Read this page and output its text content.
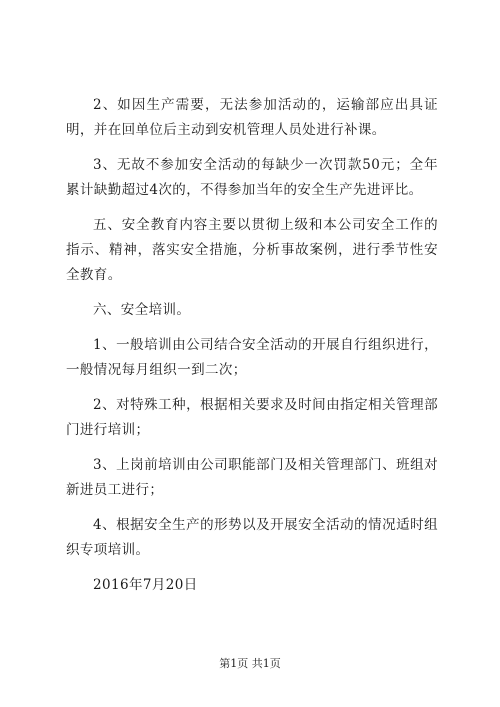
2、如因生产需要，无法参加活动的，运输部应出具证明，并在回单位后主动到安机管理人员处进行补课。

3、无故不参加安全活动的每缺少一次罚款50元；全年累计缺勤超过4次的，不得参加当年的安全生产先进评比。

五、安全教育内容主要以贯彻上级和本公司安全工作的指示、精神，落实安全措施，分析事故案例，进行季节性安全教育。

六、安全培训。

1、一般培训由公司结合安全活动的开展自行组织进行，一般情况每月组织一到二次；

2、对特殊工种，根据相关要求及时间由指定相关管理部门进行培训；

3、上岗前培训由公司职能部门及相关管理部门、班组对新进员工进行；

4、根据安全生产的形势以及开展安全活动的情况适时组织专项培训。

2016年7月20日

第1页 共1页
